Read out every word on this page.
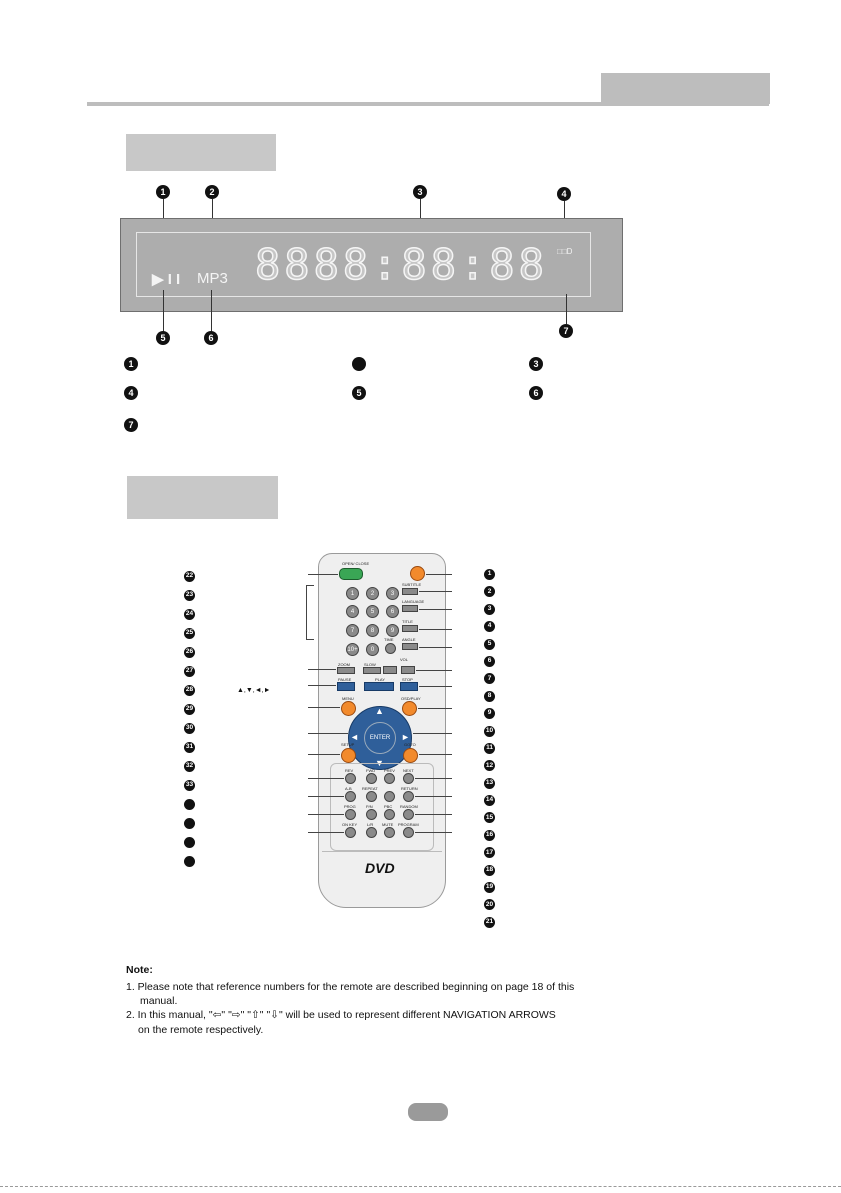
1	2	3	4
8888:88:88
▶ I I MP3
□□D
5	6
7
1	3
4	5	6
7
22
23
24
25
26
27
28
29
30
31
32
33
▲,▼,◄,►
1
2
3
4
5
6
7
8
9
10
11
12
13
14
15
16
17
18
19
20
21
DVD
OPEN/ CLOSE
1	2	3
4	5	6
7	8	9
10+	0
SUBTITLE
LANGUAGE
TITLE
ANGLE
TIME
VOL
ZOOM	SLOW
PAUSE	PLAY	STOP
MENU	OSD/PLAY
ENTER
▲
▼
◄	►
SETUP	GOTO
REV	FWD PREV NEXT
A-B	REPEAT	RETURN
PROG	P/N	PBC RANDOM
ON KEY L/R MUTE PROGRAM
Note:
1. Please note that reference numbers for the remote are described beginning on page 18 of this
manual.
2. In this manual, "⇦" "⇨" "⇧" "⇩" will be used to represent different NAVIGATION ARROWS
on the remote respectively.
